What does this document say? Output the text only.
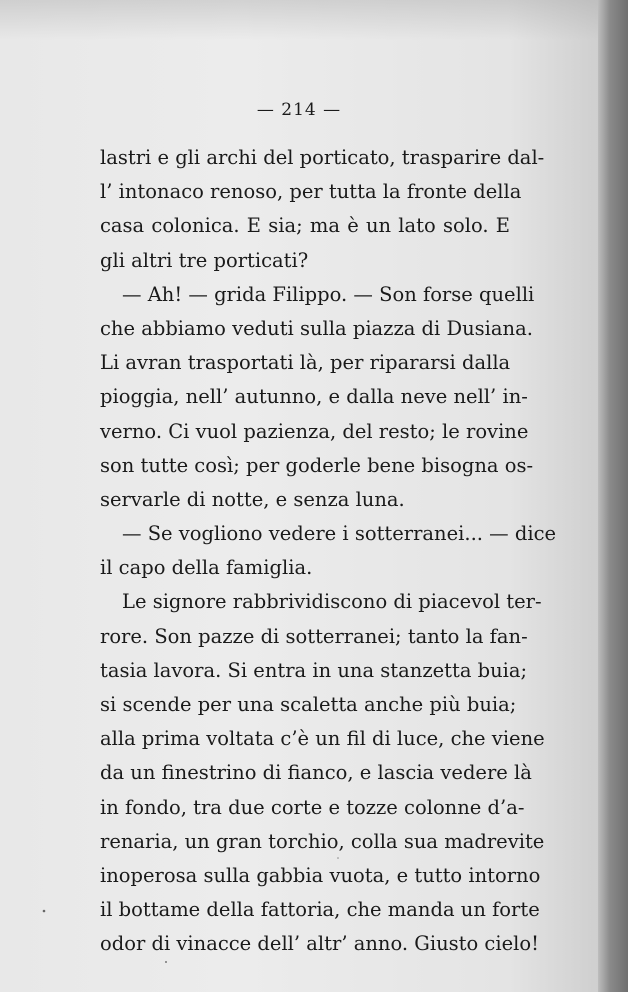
— 214 —
lastri e gli archi del porticato, trasparire dal-
l’ intonaco renoso, per tutta la fronte della
casa colonica. E sia; ma è un lato solo. E
gli altri tre porticati?
— Ah! — grida Filippo. — Son forse quelli
che abbiamo veduti sulla piazza di Dusiana.
Li avran trasportati là, per ripararsi dalla
pioggia, nell’ autunno, e dalla neve nell’ in-
verno. Ci vuol pazienza, del resto; le rovine
son tutte così; per goderle bene bisogna os-
servarle di notte, e senza luna.
— Se vogliono vedere i sotterranei... — dice
il capo della famiglia.
Le signore rabbrividiscono di piacevol ter-
rore. Son pazze di sotterranei; tanto la fan-
tasia lavora. Si entra in una stanzetta buia;
si scende per una scaletta anche più buia;
alla prima voltata c’è un fil di luce, che viene
da un finestrino di fianco, e lascia vedere là
in fondo, tra due corte e tozze colonne d’a-
renaria, un gran torchio, colla sua madrevite
inoperosa sulla gabbia vuota, e tutto intorno
il bottame della fattoria, che manda un forte
odor di vinacce dell’ altr’ anno. Giusto cielo!
